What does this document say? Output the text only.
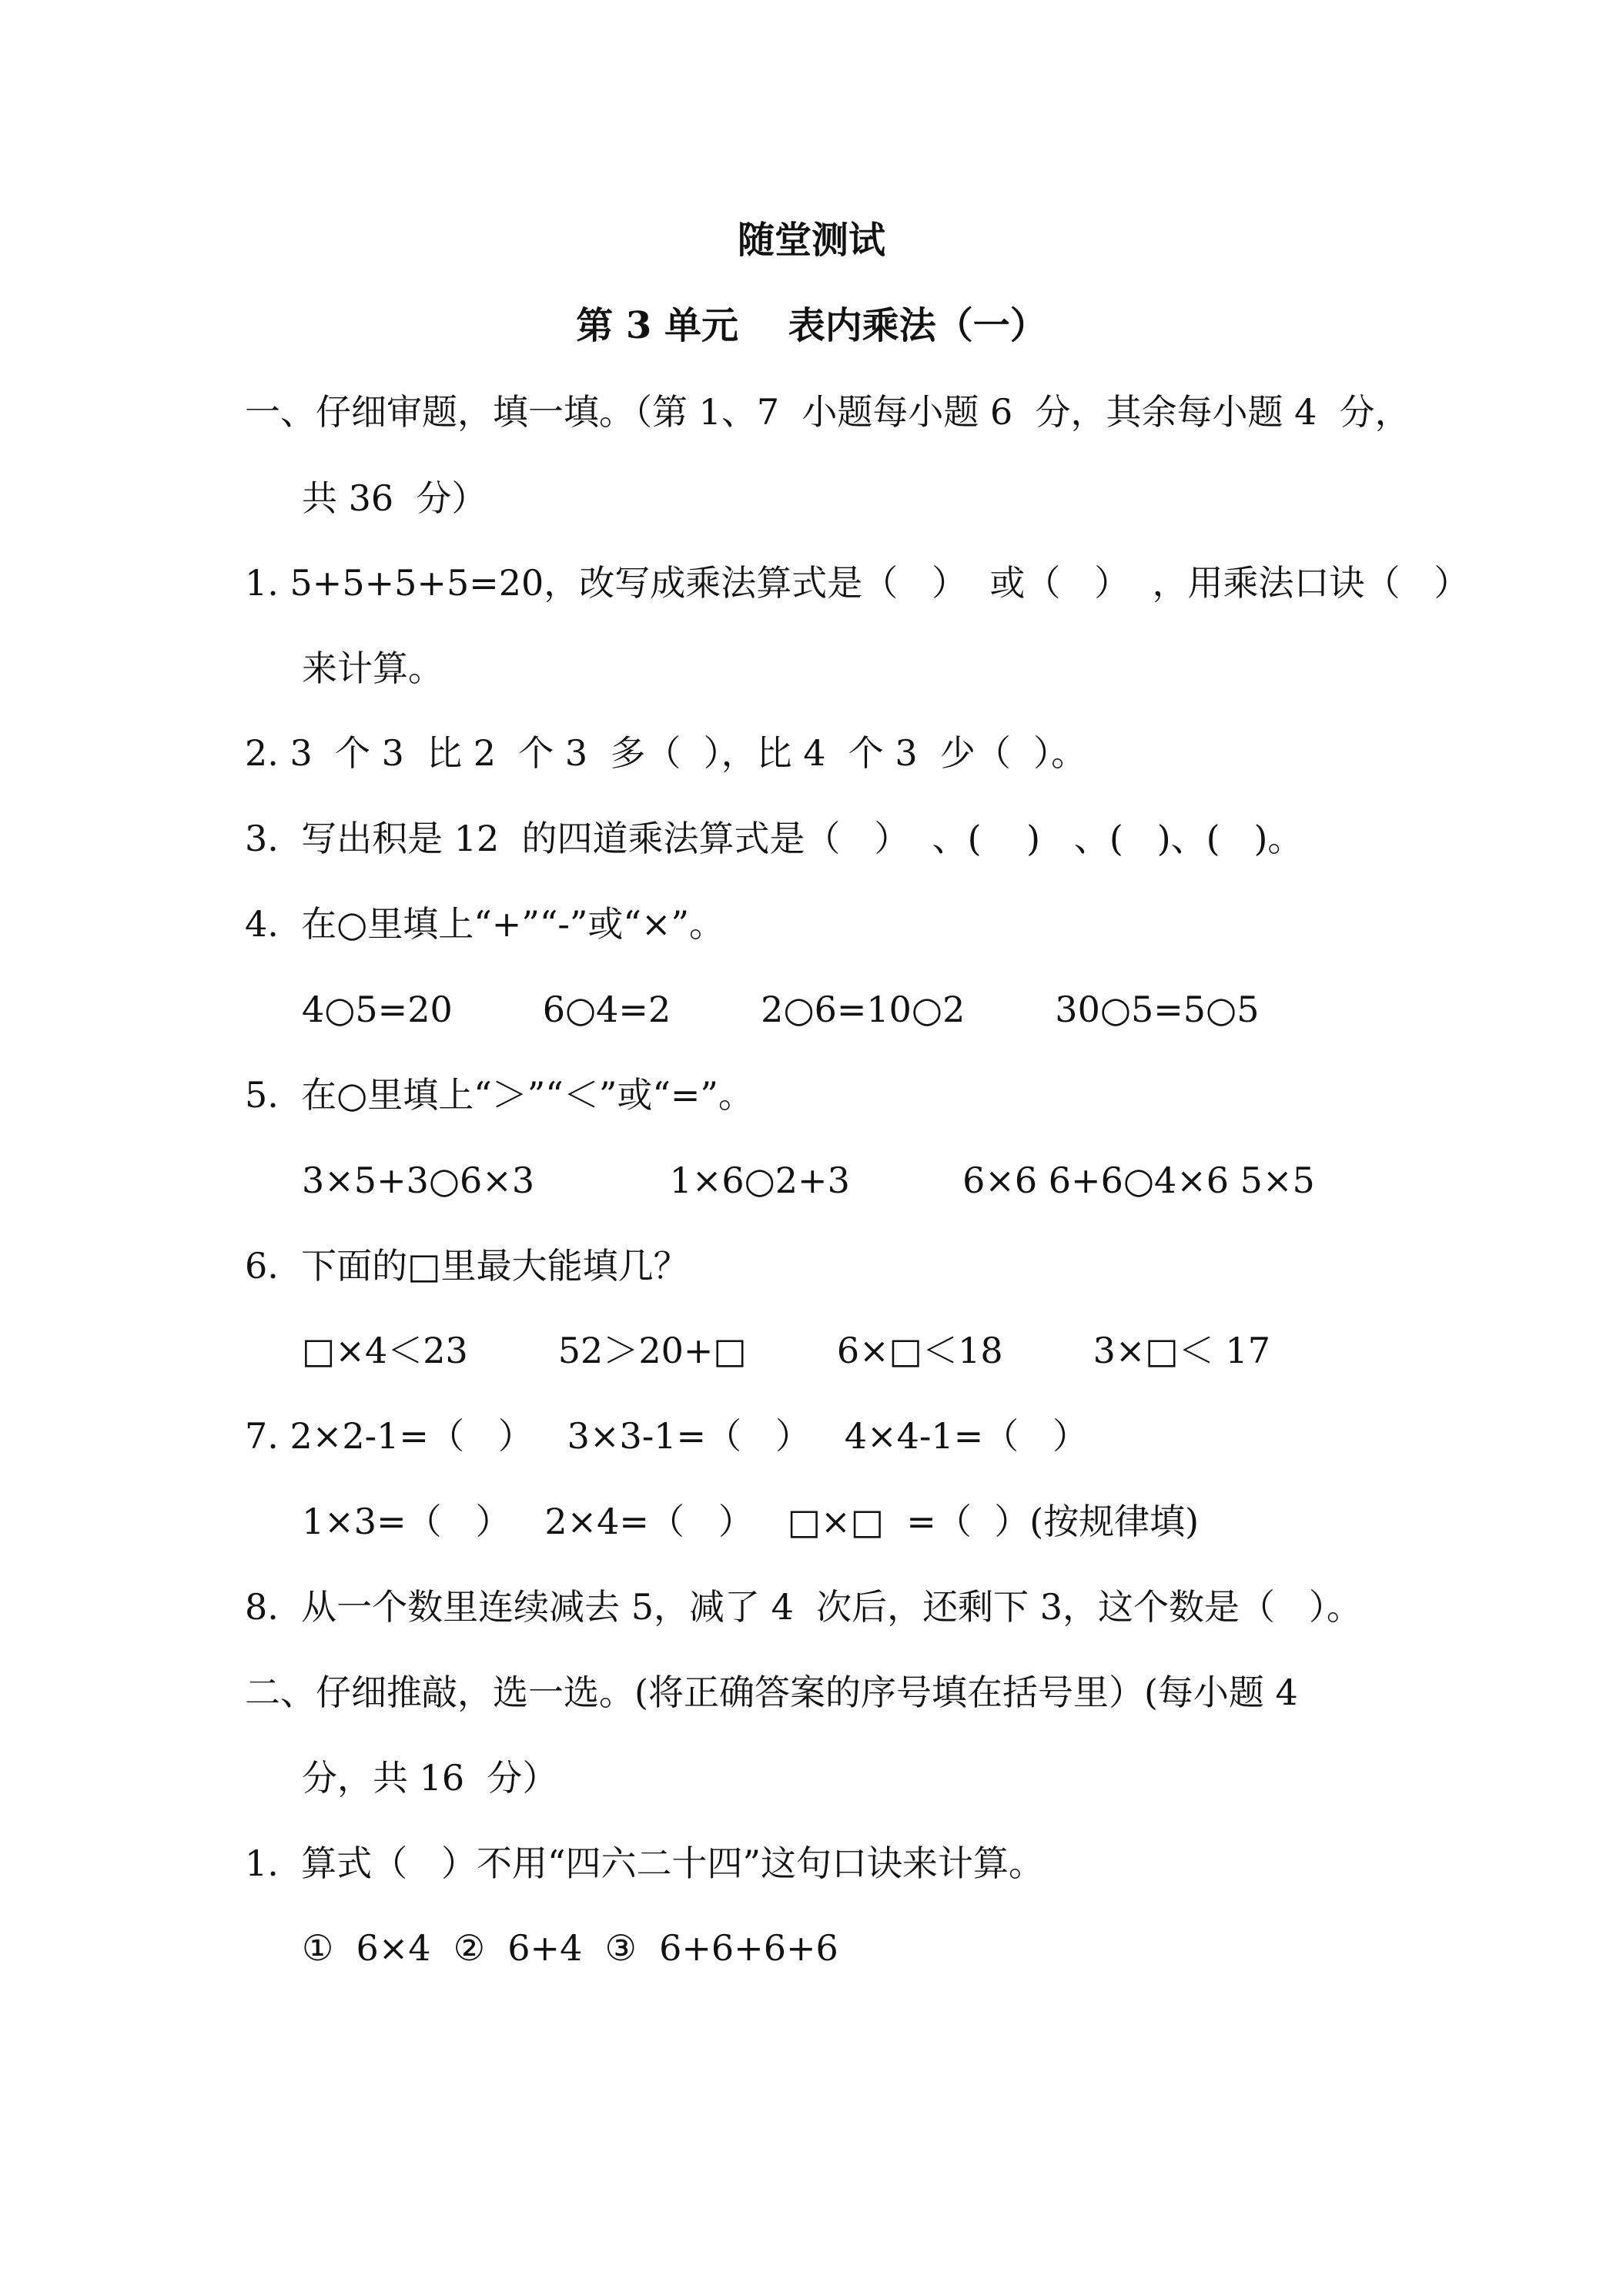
随堂测试
第 3 单元　 表内乘法（一）
一、仔细审题，填一填。（第 1、7  小题每小题 6  分，其余每小题 4  分，
共 36  分）
1. 5+5+5+5=20，改写成乘法算式是（   ）  或（   ）  ，用乘法口诀（   ）
来计算。
2. 3  个 3  比 2  个 3  多（  ），比 4  个 3  少（  ）。
3.  写出积是 12  的四道乘法算式是（   ）  、(    )   、(   )、(   )。
4.  在○里填上“+”“-”或“×”。
4○5=20        6○4=2        2○6=10○2        30○5=5○5
5.  在○里填上“＞”“＜”或“=”。
3×5+3○6×3            1×6○2+3          6×6 6+6○4×6 5×5
6.  下面的□里最大能填几？
□×4＜23        52＞20+□        6×□＜18        3×□＜ 17
7. 2×2-1=（   ）   3×3-1=（   ）   4×4-1=（   ）
1×3=（   ）   2×4=（   ）   □×□  =（  ）(按规律填)
8.  从一个数里连续减去 5，减了 4  次后，还剩下 3，这个数是（   ）。
二、仔细推敲，选一选。(将正确答案的序号填在括号里）(每小题 4
分，共 16  分）
1.  算式（   ）不用“四六二十四”这句口诀来计算。
①  6×4  ②  6+4  ③  6+6+6+6
